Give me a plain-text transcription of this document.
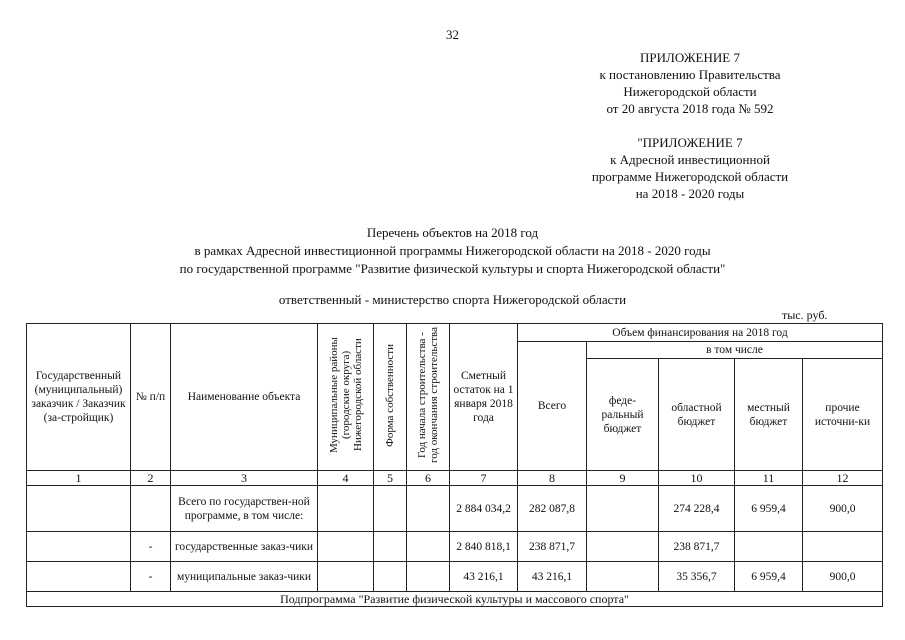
32
ПРИЛОЖЕНИЕ 7
к постановлению Правительства
Нижегородской области
от 20 августа 2018 года № 592
"ПРИЛОЖЕНИЕ 7
к Адресной инвестиционной
программе Нижегородской области
на 2018 - 2020 годы
Перечень объектов на 2018 год
в рамках Адресной инвестиционной программы Нижегородской области на 2018 - 2020 годы
по государственной программе "Развитие физической культуры и спорта Нижегородской области"
ответственный - министерство спорта Нижегородской области
тыс. руб.
Государственный (муниципальный) заказчик / Заказчик (за-стройщик)	№ п/п	Наименование объекта	Муниципальные районы (городские округа) Нижегородской области	Форма собственности	Год начала строительства - год окончания строительства	Сметный остаток на 1 января 2018 года	Объем финансирования на 2018 год				
							Всего	в том числе			
								феде-ральный бюджет	областной бюджет	местный бюджет	прочие источни-ки
1	2	3	4	5	6	7	8	9	10	11	12
		Всего по государствен-ной программе, в том числе:				2 884 034,2	282 087,8		274 228,4	6 959,4	900,0
	-	государственные заказ-чики				2 840 818,1	238 871,7		238 871,7		
	-	муниципальные заказ-чики				43 216,1	43 216,1		35 356,7	6 959,4	900,0
Подпрограмма "Развитие физической культуры и массового спорта"											
